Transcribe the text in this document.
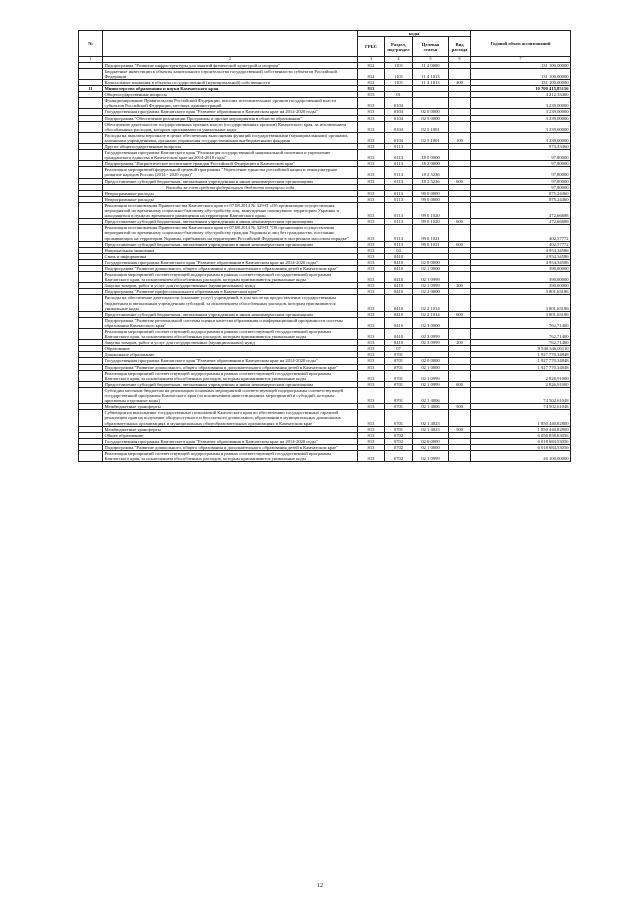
№		коды				Годовой объем ассигнований
		ГРБС	Раздел, под-раздел	Целевая статья	Вид расхода	
1	2	3	4	5	6	7
	Подпрограмма "Развитие инфраструктуры для занятий физической культурой и спортом"	812	1101	11 4 0000		131 100,00000
	Бюджетные инвестиции в объекты капитального строительства государственной собственности субъектов Российской Федерации	812	1101	11 4 1013		131 100,00000
	Капитальные вложения в объекты государственной (муниципальной) собственности	812	1101	11 4 1013	400	131 100,00000
11	Министерство образования и науки Камчатского края	813				10 700 415,85156
	Общегосударственные вопросы	813	01			4 212,33460
	Функционирование Правительства Российской Федерации, высших исполнительных органов государственной власти субъектов Российской Федерации, местных администраций	813	0104			3 239,00000
	Государственная программа Камчатского края "Развитие образования в Камчатском крае на 2014-2020 годы"	813	0104	02 0 0000		3 239,00000
	Подпрограмма "Обеспечение реализации Программы и прочие мероприятия в области образования"	813	0104	02 5 0000		3 239,00000
	Обеспечение деятельности государственных органов власти (государственных органов) Камчатского края, за исключением обособленных расходов, которым присваиваются уникальные коды	813	0104	02 5 1001		3 239,00000
	Расходы на выплаты персоналу в целях обеспечения выполнения функций государственными (муниципальными) органами, казенными учреждениями, органами управления государственными внебюджетными фондами	813	0104	02 5 1001	100	3 239,00000
	Другие общегосударственные вопросы	813	0113			973,33460
	Государственная программа Камчатского края "Реализация государственной национальной политики и укрепление гражданского единства в Камчатском крае на 2014-2018 годы"	813	0113	18 0 0000		97,80000
	Подпрограмма "Патриотическое воспитание граждан Российской Федерации в Камчатском крае"	813	0113	18 2 0000		97,80000
	Реализация мероприятий федеральной целевой программы "Укрепление единства российской нации и этнокультурное развитие народов России (2014 - 2020 годы)"	813	0113	18 2 5236		97,80000
	Предоставление субсидий бюджетным, автономным учреждениям и иным некоммерческим организациям	813	0113	18 2 5236	600	97,80000
	Расходы за счет средств федерального бюджета текущего года					97,80000
	Непрограммные расходы	813	0113	99 0 0000		875,24460
	Непрограммные расходы	813	0113	99 0 0000		875,24460
	Реализация постановления Правительства Камчатского края от 07.08.2014 № 329-П «Об организации осуществления мероприятий по временному социально-бытовому обустройству лиц, вынужденно покинувших территорию Украины и находящихся в пунктах временного размещения на территории Камчатского края»	813	0113	99 0 1020		472,66688
	Предоставление субсидий бюджетным, автономным учреждениям и иным некоммерческим организациям	813	0113	99 0 1020	600	472,66688
	Реализация постановления Правительства Камчатского края от 07.08.2014 № 329-П "Об организации осуществления мероприятий по временному социально-бытовому обустройству граждан Украины и лиц без гражданства, постоянно проживающих на территории Украины, прибывших на территорию Российской Федерации в экстренном массовом порядке"	813	0113	99 0 1021		402,57772
	Предоставление субсидий бюджетным, автономным учреждениям и иным некоммерческим организациям	813	0113	99 0 1021	600	402,57772
	Национальная экономика	813	04			4 954,34586
	Связь и информатика	813	0410			4 954,34586
	Государственная программа Камчатского края "Развитие образования в Камчатском крае на 2014-2020 годы"	813	0410	02 0 0000		4 954,34586
	Подпрограмма "Развитие дошкольного, общего образования и дополнительного образования детей в Камчатском крае"	813	0410	02 1 0000		390,00000
	Реализация мероприятий соответствующей подпрограммы в рамках соответствующей государственной программы Камчатского края, за исключением обособленных расходов, которым присваиваются уникальные коды	813	0410	02 1 0999		390,00000
	Закупка товаров, работ и услуг для государственных (муниципальных) нужд	813	0410	02 1 0999	200	390,00000
	Подпрограмма "Развитие профессионального образования в Камчатском крае"	813	0410	02 2 0000		3 801,63186
	Расходы на обеспечение деятельности (оказание услуг) учреждений, в том числе на предоставление государственным бюджетным и автономным учреждениям субсидий, за исключением обособленных расходов, которым присваиваются уникальные коды	813	0410	02 2 1014		3 801,63186
	Предоставление субсидий бюджетным, автономным учреждениям и иным некоммерческим организациям	813	0410	02 2 1014	600	3 801,63186
	Подпрограмма "Развитие региональной системы оценки качества образования и информационной прозрачности системы образования Камчатского края"	813	0410	02 3 0000		762,71400
	Реализация мероприятий соответствующей подпрограммы в рамках соответствующей государственной программы Камчатского края, за исключением обособленных расходов, которым присваиваются уникальные коды	813	0410	02 3 0999		762,71400
	Закупка товаров, работ и услуг для государственных (муниципальных) нужд	813	0410	02 3 0999	200	762,71400
	Образование	813	07			9 540 346,00110
	Дошкольное образование	813	0701			1 927 770,34848
	Государственная программа Камчатского края "Развитие образования в Камчатском крае на 2014-2020 годы"	813	0701	02 0 0000		1 927 770,34848
	Подпрограмма "Развитие дошкольного, общего образования и дополнительного образования детей в Камчатском крае"	813	0701	02 1 0000		1 927 770,34848
	Реализация мероприятий соответствующей подпрограммы в рамках соответствующей государственной программы Камчатского края, за исключением обособленных расходов, которым присваиваются уникальные коды	813	0701	02 1 0999		2 826,91000
	Предоставление субсидий бюджетным, автономным учреждениям и иным некоммерческим организациям	813	0701	02 1 0999	600	2 826,91000
	Субсидии местным бюджетам на реализацию основных мероприятий соответствующей подпрограммы соответствующей государственной программы Камчатского края (за исключением инвестиционных мероприятий и субсидий, которым присвоены отдельные коды)	813	0701	02 1 4006		74 502,61048
	Межбюджетные трансферты	813	0701	02 1 4006	500	74 502,61048
	Субвенции на выполнение государственных полномочий Камчатского края по обеспечению государственных гарантий реализации прав на получение общедоступного и бесплатного дошкольного образования в муниципальных дошкольных образовательных организациях и муниципальных общеобразовательных организациях в Камчатском крае	813	0701	02 1 4023		1 850 440,82800
	Межбюджетные трансферты	813	0701	02 1 4023	500	1 850 440,82800
	Общее образование	813	0702			6 056 858,63056
	Государственная программа Камчатского края "Развитие образования в Камчатском крае на 2014-2020 годы"	813	0702	02 0 0000		6 018 684,53056
	Подпрограмма "Развитие дошкольного, общего образования и дополнительного образования детей в Камчатском крае"	813	0702	02 1 0000		6 018 684,53056
	Реализация мероприятий соответствующей подпрограммы в рамках соответствующей государственной программы Камчатского края, за исключением обособленных расходов, которым присваиваются уникальные коды	813	0702	02 1 0999		20 100,00000
12
